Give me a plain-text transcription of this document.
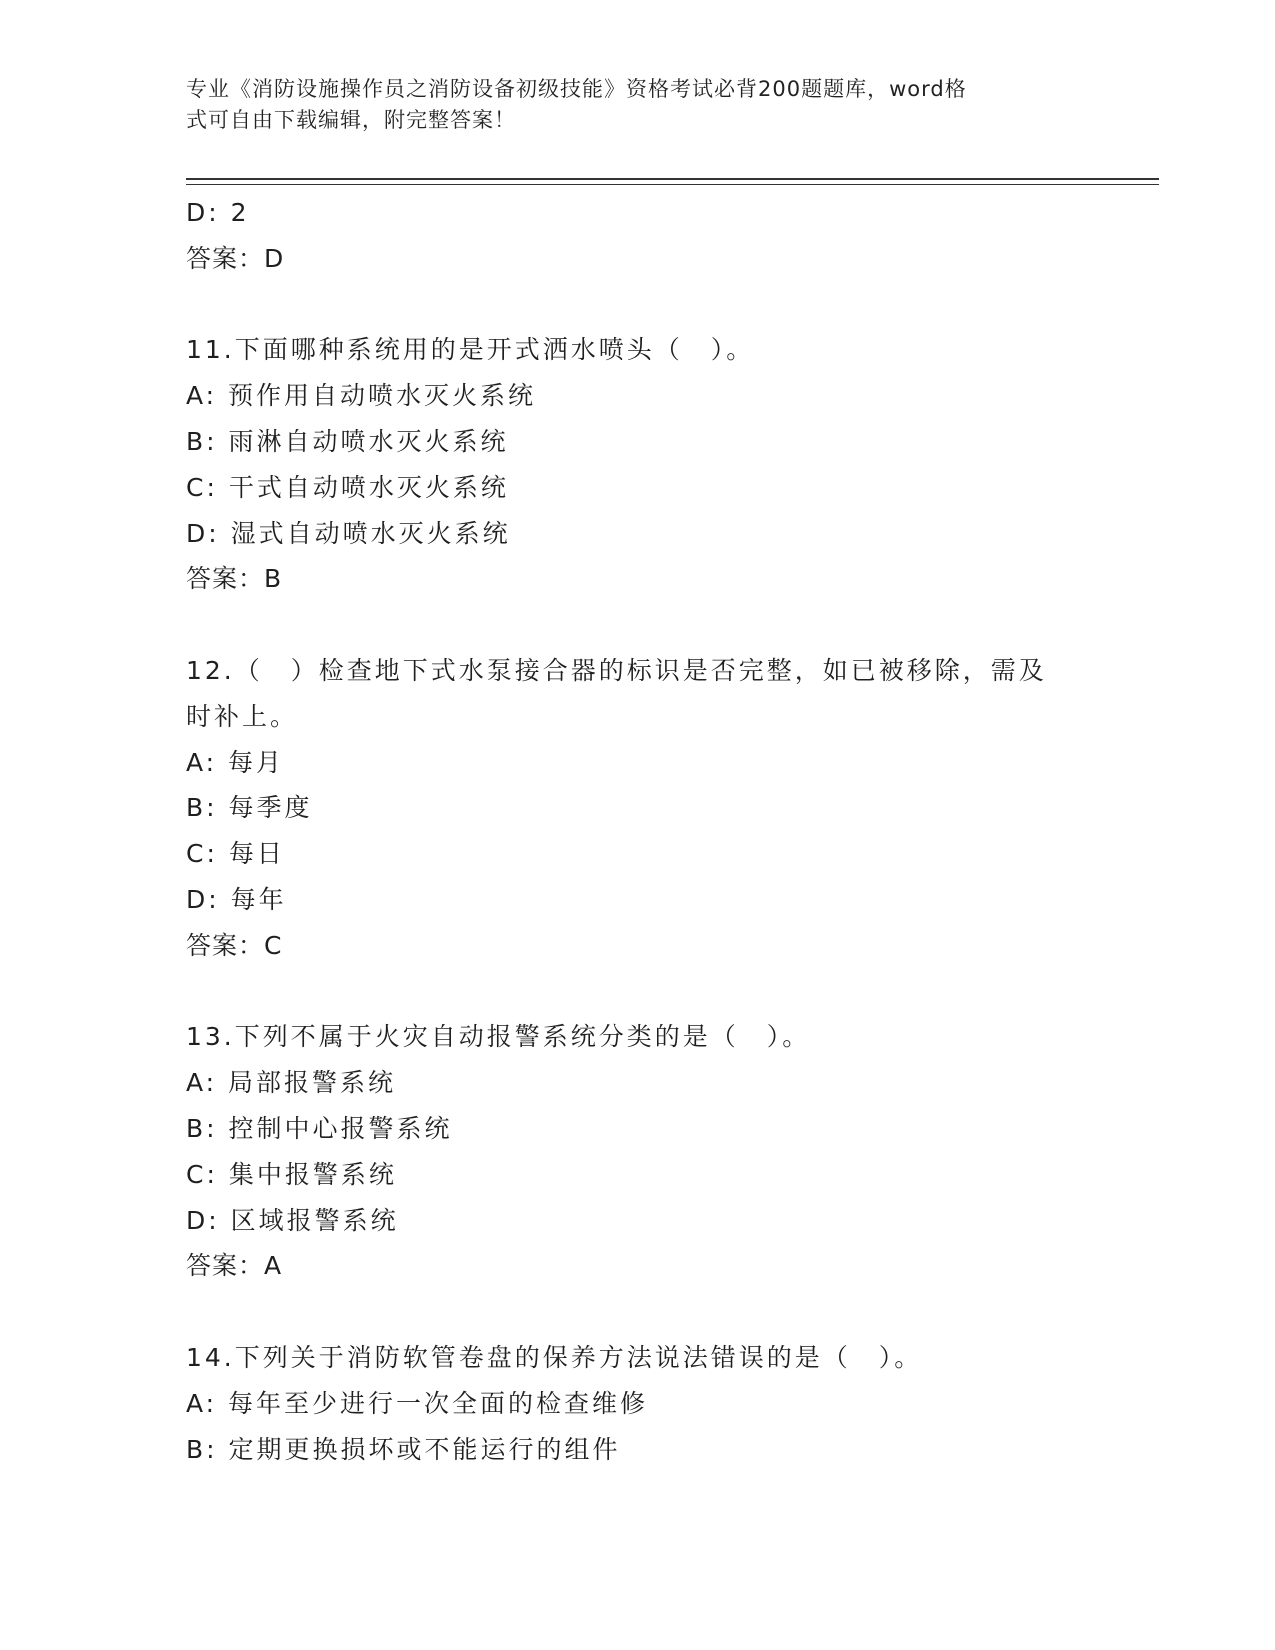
专业《消防设施操作员之消防设备初级技能》资格考试必背200题题库，word格
式可自由下载编辑，附完整答案！
D: 2
答案：D
11.下面哪种系统用的是开式洒水喷头（　）。
A: 预作用自动喷水灭火系统
B: 雨淋自动喷水灭火系统
C: 干式自动喷水灭火系统
D: 湿式自动喷水灭火系统
答案：B
12.（　）检查地下式水泵接合器的标识是否完整，如已被移除，需及
时补上。
A: 每月
B: 每季度
C: 每日
D: 每年
答案：C
13.下列不属于火灾自动报警系统分类的是（　）。
A: 局部报警系统
B: 控制中心报警系统
C: 集中报警系统
D: 区域报警系统
答案：A
14.下列关于消防软管卷盘的保养方法说法错误的是（　）。
A: 每年至少进行一次全面的检查维修
B: 定期更换损坏或不能运行的组件
